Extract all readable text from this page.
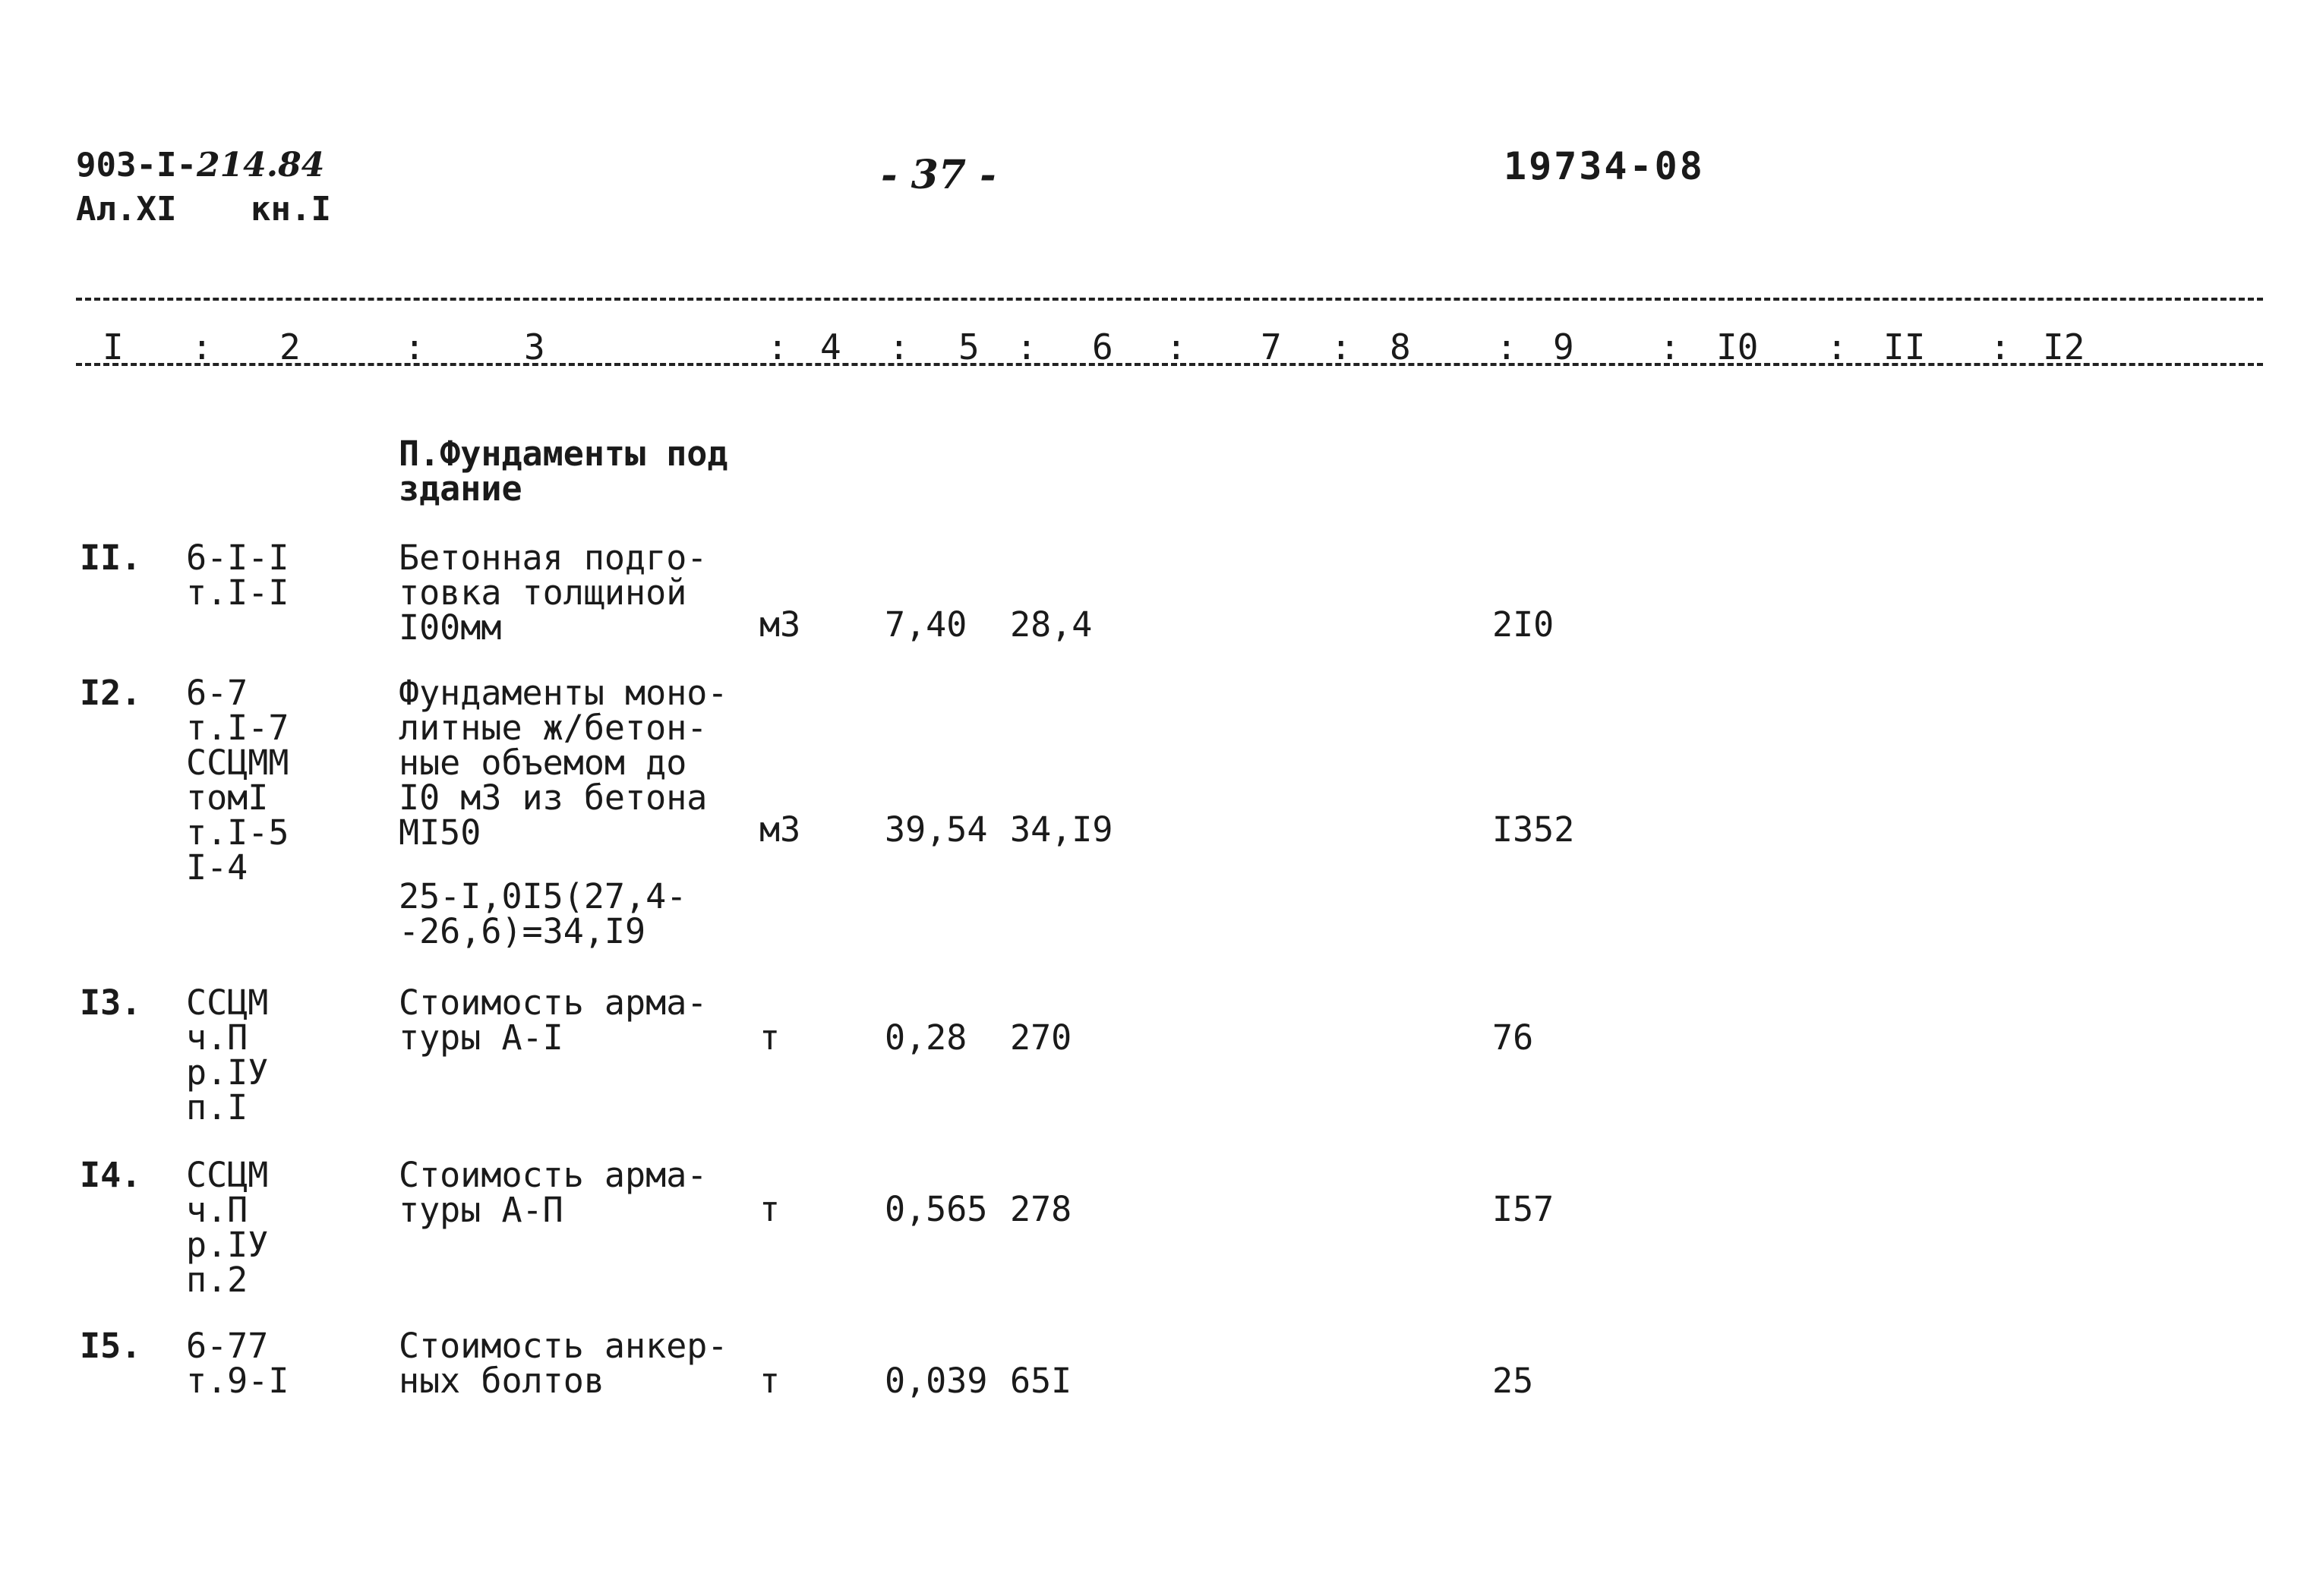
903-I-214.84
Ал.XI кн.I
- 37 -	19734-08
I : 2	:	3	: 4 : 5 : 6 : 7 : 8 : 9 : I0 : II : I2
П.Фундаменты под
здание
II. 6-I-I
т.I-I
Бетонная подго-
товка толщиной
I00мм	м3 7,40 28,4	2I0
I2. 6-7
т.I-7
ССЦММ
томI
т.I-5
I-4
Фундаменты моно-
литные ж/бетон-
ные объемом до
I0 м3 из бетона
МI50
25-I,0I5(27,4-
-26,6)=34,I9
м3 39,54 34,I9	I352
I3. ССЦМ
ч.П
р.IУ
п.I
Стоимость арма-
туры А-I	т	0,28 270	76
I4. ССЦМ
ч.П
р.IУ
п.2
Стоимость арма-
туры А-П	т	0,565 278	I57
I5. 6-77
т.9-I
Стоимость анкер-
ных болтов	т	0,039 65I	25
